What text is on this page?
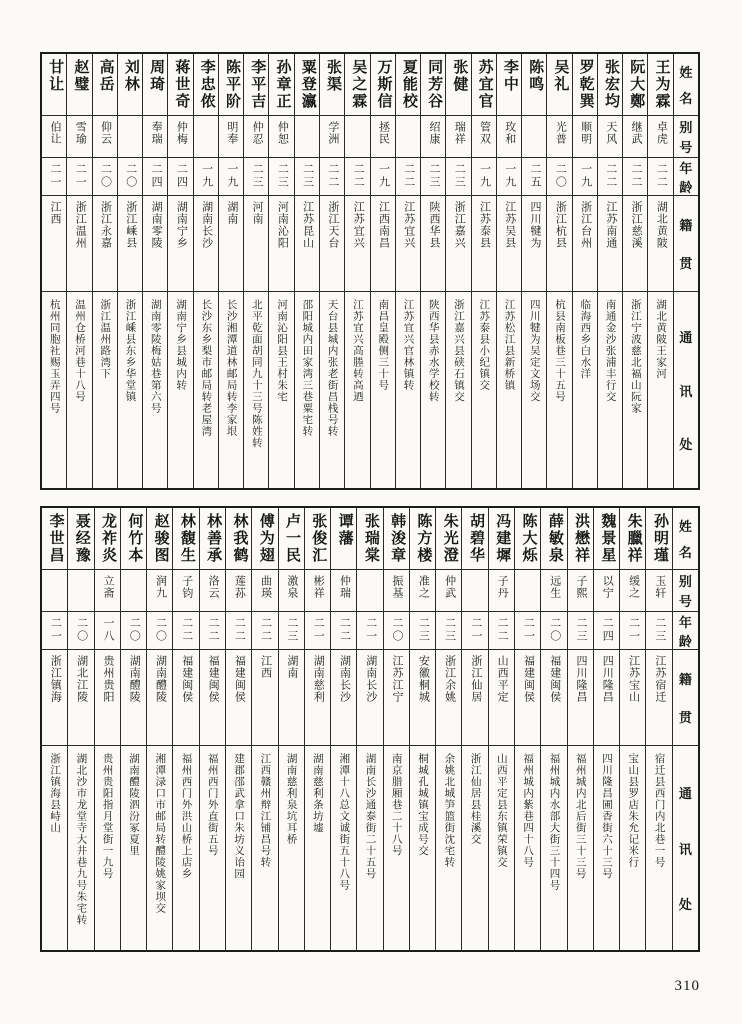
姓
名
别
号
年
龄
籍
贯
通
讯
处
王为霖
卓虎
二二
湖北黄陂
湖北黄陂王家河
阮大鄭
继武
二二
浙江慈溪
浙江宁波慈北褔山阮家
张宏均
天风
二二
江苏南通
南通金沙张浦丰行交
罗乾巽
顺明
一九
浙江台州
临海西乡白水洋
吴礼
光普
二〇
浙江杭县
杭县南板巷三十五号
陈鸣
二五
四川犍为
四川犍为吴定文场交
李中
玫和
一九
江苏吴县
江苏松江县新桥镇
苏宜官
管双
一九
江苏泰县
江苏泰县小纪镇交
张健
瑞祥
二三
浙江嘉兴
浙江嘉兴县硖石镇交
同芳谷
绍康
二三
陕西华县
陕西华县赤水学校转
夏能校
二二
江苏宜兴
江苏宜兴官林镇转
万斯信
拯民
一九
江西南昌
南昌皇殿侧三十号
吴之霖
二二
江苏宜兴
江苏宜兴高塍转高迺
张渠
学洲
二二
浙江天台
天台县城内张老街昌栈号转
粟登瀛
二三
江苏昆山
邵阳城内田家湾三巷粟宅转
孙章正
仲恕
二三
河南沁阳
河南沁阳县王村朱宅
李平吉
仲忍
二三
河南
北平乾面胡同九十三号陈姓转
陈平阶
明奉
一九
湖南
长沙湘潭道林邮局转李家垠
李忠侬
一九
湖南长沙
长沙东乡梨市邮局转老屋湾
蒋世奇
仲梅
二四
湖南宁乡
湖南宁乡县城内转
周琦
奉瑞
二四
湖南零陵
湖南零陵梅姑巷第六号
刘林
二〇
浙江嵊县
浙江嵊县东乡华堂镇
高岳
仰云
二〇
浙江永嘉
浙江温州路湾下
赵璧
雪瑜
二一
浙江温州
温州仓桥河巷十八号
甘让
伯让
二一
江西
杭州同胞社赐玉弄四号
姓
名
别
号
年
龄
籍
贯
通
讯
处
孙明瑾
玉轩
二三
江苏宿迁
宿迁县西门内北巷一号
朱臘祥
缓之
二一
江苏宝山
宝山县罗店朱允记米行
魏景星
以宁
二四
四川隆昌
四川隆昌圃香街六十三号
洪懋祥
子熙
二三
四川隆昌
福州城内北后街三十三号
薛敏泉
远生
二〇
福建闽侯
福州城内水部大街三十四号
陈大烁
二一
福建闽侯
福州城内紫巷四十八号
冯建墀
子丹
二二
山西平定
山西平定县东镇荣镇交
胡碧华
二一
浙江仙居
浙江仙居县桂溪交
朱光澄
仲武
二三
浙江余姚
余姚北城笋篮街沈宅转
陈方楼
准之
二三
安徽桐城
桐城孔城镇宝成号交
韩浚章
振基
二〇
江苏江宁
南京腊厢巷二十八号
张瑞棠
二一
湖南长沙
湖南长沙通泰街二十五号
谭藩
仲瑞
二二
湖南长沙
湘潭十八总文诚街五十八号
张俊汇
彬祥
二一
湖南慈利
湖南慈利条坊墟
卢一民
激泉
二三
湖南
湖南慈利泉坑耳桥
傅为翅
曲瑛
二二
江西
江西赣州辩江铺昌号转
林我鹤
莲荪
二二
福建闽侯
建郡邵武拿口朱坊义诒园
林善承
洛云
二二
福建闽侯
福州西门外直街五号
林馥生
子钧
二二
福建闽侯
福州西门外洪山桥上店乡
赵骏图
润九
二〇
湖南醴陵
湘潭渌口市邮局转醴陵姚家坝交
何竹本
二〇
湖南醴陵
湖南醴陵泗汾冢夏里
龙祚炎
立斋
一八
贵州贵阳
贵州贵阳指月堂街一九号
聂经豫
二〇
湖北江陵
湖北沙市龙堂寺大井巷九号朱宅转
李世昌
二一
浙江镇海
浙江镇海县峙山
310
